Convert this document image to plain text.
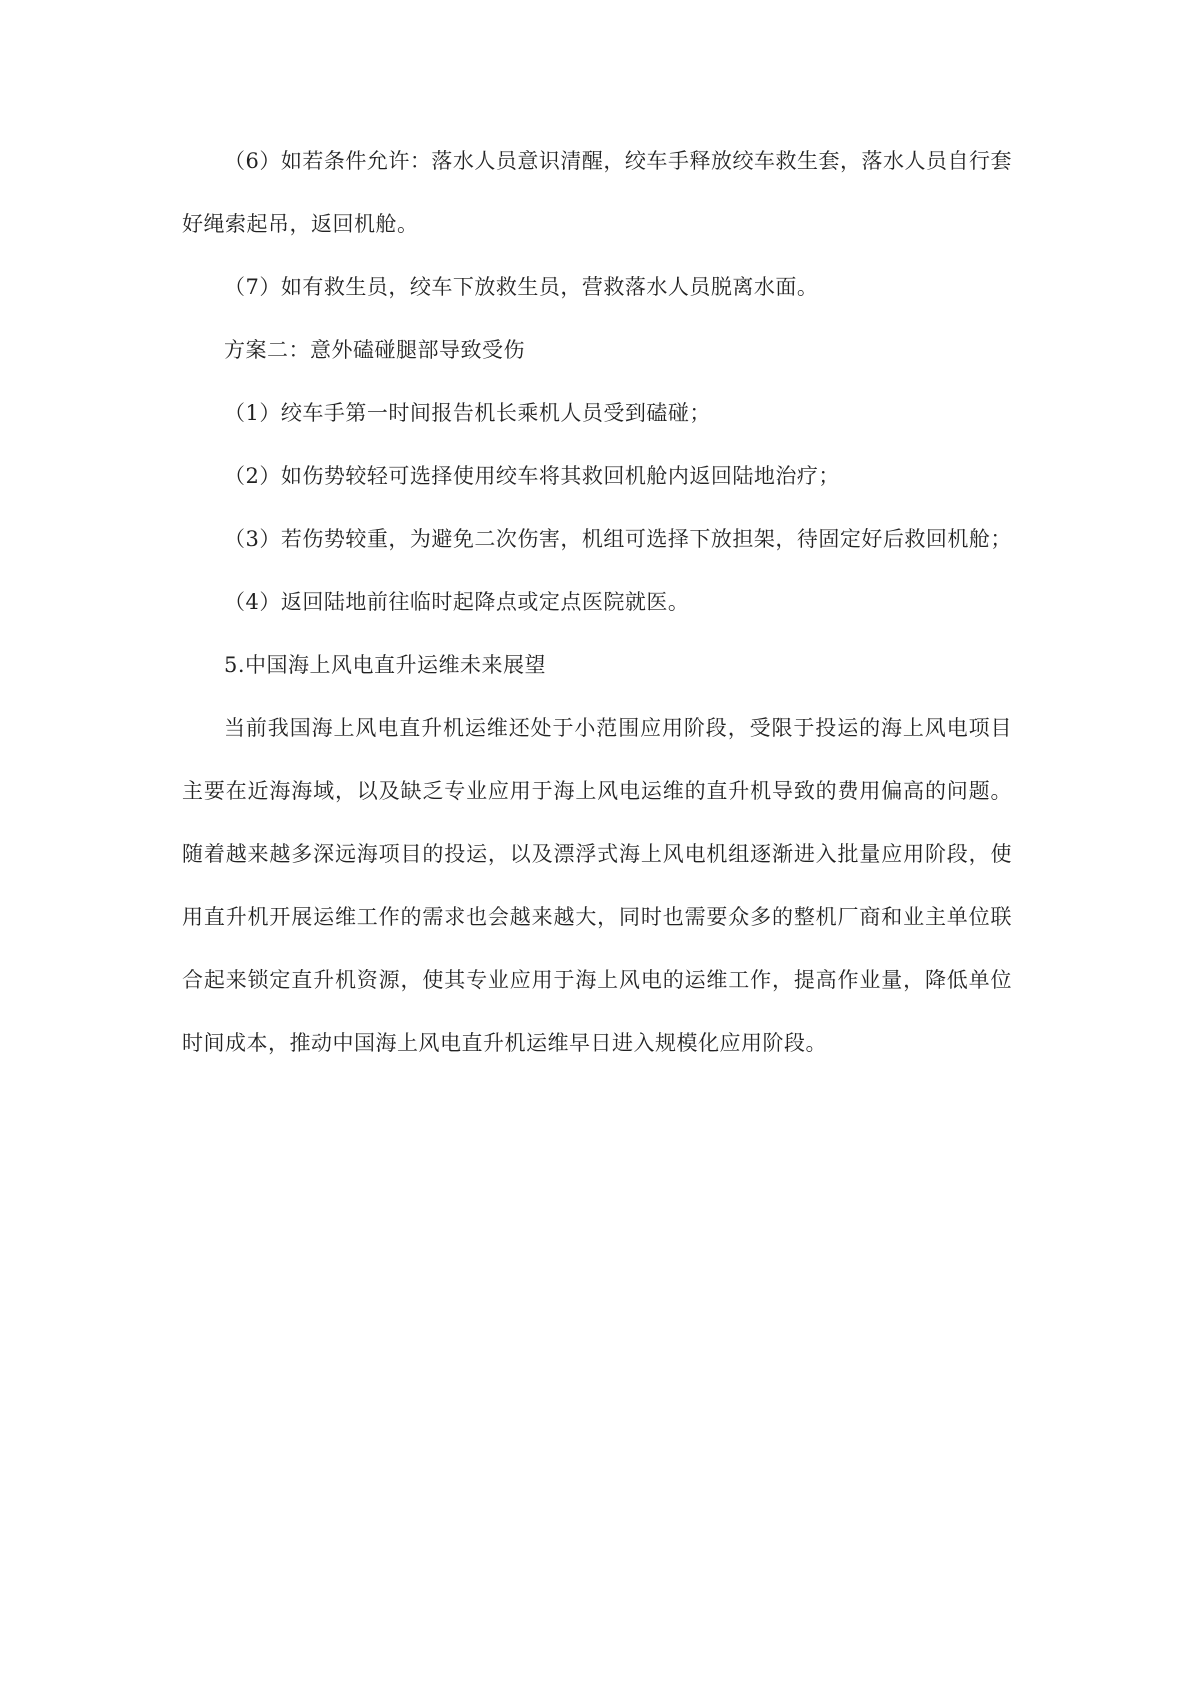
（6）如若条件允许：落水人员意识清醒，绞车手释放绞车救生套，落水人员自行套好绳索起吊，返回机舱。

（7）如有救生员，绞车下放救生员，营救落水人员脱离水面。

方案二：意外磕碰腿部导致受伤

（1）绞车手第一时间报告机长乘机人员受到磕碰；

（2）如伤势较轻可选择使用绞车将其救回机舱内返回陆地治疗；

（3）若伤势较重，为避免二次伤害，机组可选择下放担架，待固定好后救回机舱；

（4）返回陆地前往临时起降点或定点医院就医。

5.中国海上风电直升运维未来展望

当前我国海上风电直升机运维还处于小范围应用阶段，受限于投运的海上风电项目主要在近海海域，以及缺乏专业应用于海上风电运维的直升机导致的费用偏高的问题。随着越来越多深远海项目的投运，以及漂浮式海上风电机组逐渐进入批量应用阶段，使用直升机开展运维工作的需求也会越来越大，同时也需要众多的整机厂商和业主单位联合起来锁定直升机资源，使其专业应用于海上风电的运维工作，提高作业量，降低单位时间成本，推动中国海上风电直升机运维早日进入规模化应用阶段。
